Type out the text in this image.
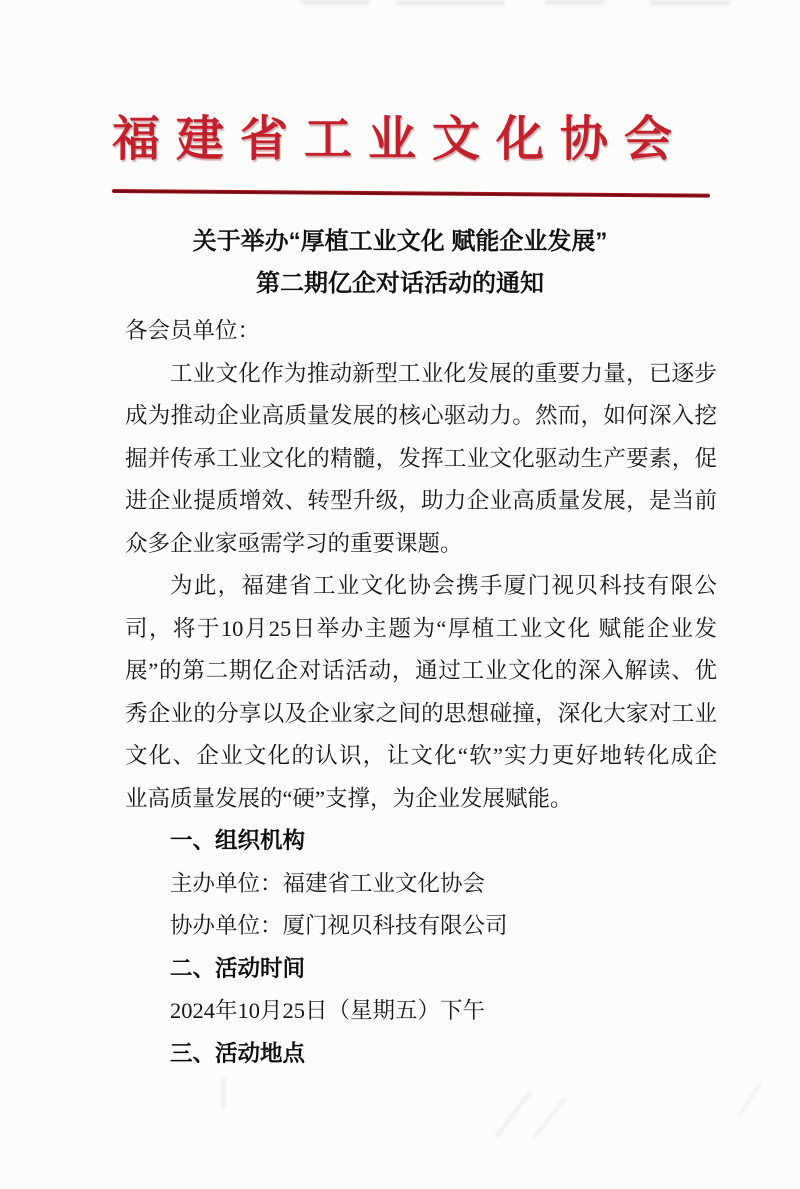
福建省工业文化协会
关于举办“厚植工业文化 赋能企业发展”
第二期亿企对话活动的通知
各会员单位：
工业文化作为推动新型工业化发展的重要力量，已逐步
成为推动企业高质量发展的核心驱动力。然而，如何深入挖
掘并传承工业文化的精髓，发挥工业文化驱动生产要素，促
进企业提质增效、转型升级，助力企业高质量发展，是当前
众多企业家亟需学习的重要课题。
为此，福建省工业文化协会携手厦门视贝科技有限公
司，将于10月25日举办主题为“厚植工业文化 赋能企业发
展”的第二期亿企对话活动，通过工业文化的深入解读、优
秀企业的分享以及企业家之间的思想碰撞，深化大家对工业
文化、企业文化的认识，让文化“软”实力更好地转化成企
业高质量发展的“硬”支撑，为企业发展赋能。
一、组织机构
主办单位：福建省工业文化协会
协办单位：厦门视贝科技有限公司
二、活动时间
2024年10月25日（星期五）下午
三、活动地点
